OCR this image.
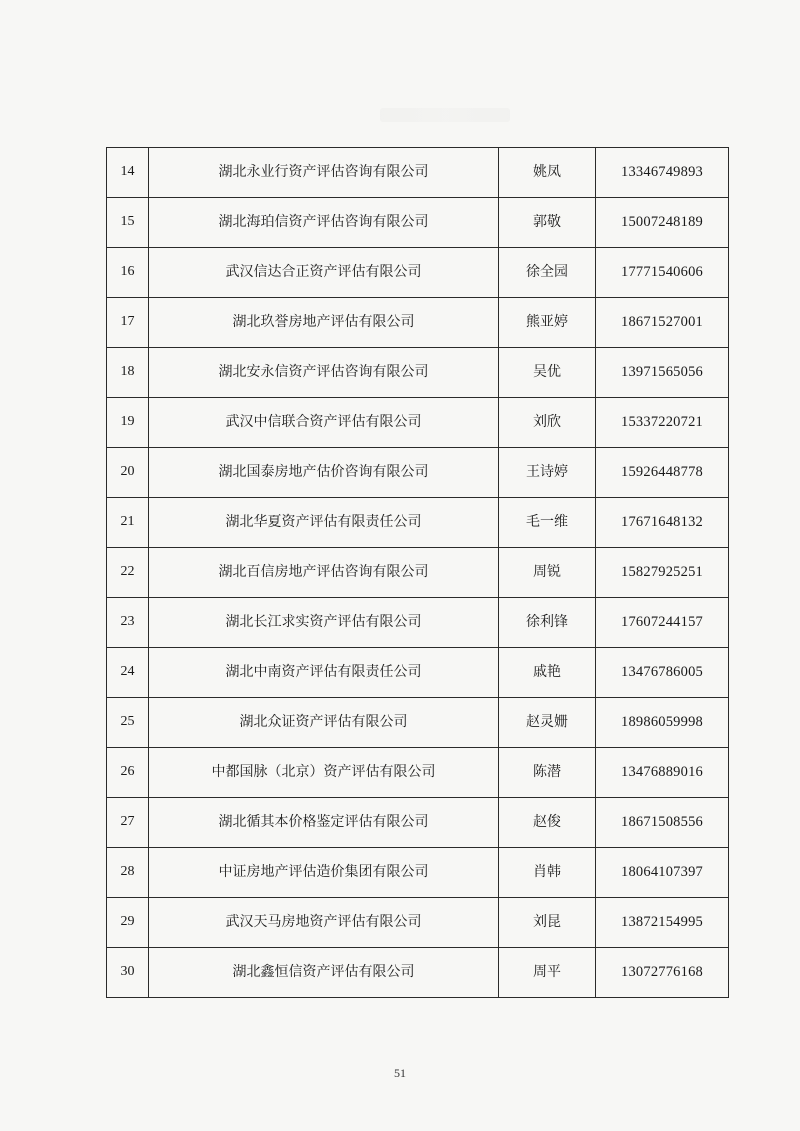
14	湖北永业行资产评估咨询有限公司	姚凤	13346749893
15	湖北海珀信资产评估咨询有限公司	郭敬	15007248189
16	武汉信达合正资产评估有限公司	徐全园	17771540606
17	湖北玖誉房地产评估有限公司	熊亚婷	18671527001
18	湖北安永信资产评估咨询有限公司	吴优	13971565056
19	武汉中信联合资产评估有限公司	刘欣	15337220721
20	湖北国泰房地产估价咨询有限公司	王诗婷	15926448778
21	湖北华夏资产评估有限责任公司	毛一维	17671648132
22	湖北百信房地产评估咨询有限公司	周锐	15827925251
23	湖北长江求实资产评估有限公司	徐利锋	17607244157
24	湖北中南资产评估有限责任公司	戚艳	13476786005
25	湖北众证资产评估有限公司	赵灵姗	18986059998
26	中都国脉（北京）资产评估有限公司	陈潜	13476889016
27	湖北循其本价格鉴定评估有限公司	赵俊	18671508556
28	中证房地产评估造价集团有限公司	肖韩	18064107397
29	武汉天马房地资产评估有限公司	刘昆	13872154995
30	湖北鑫恒信资产评估有限公司	周平	13072776168
51
